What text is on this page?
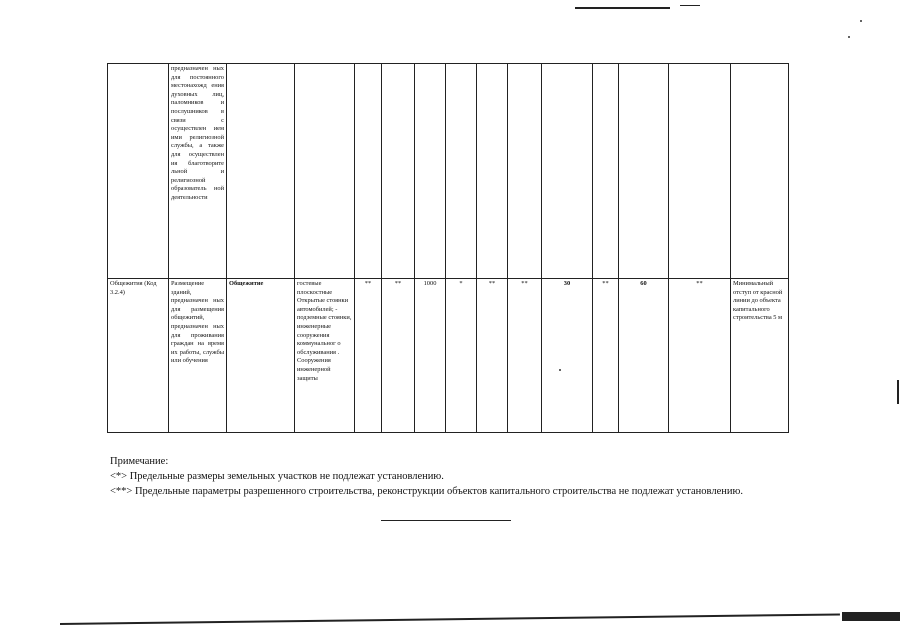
	предназначен ных для постоянного местонахожд ения духовных лиц, паломников и послушников в связи с осуществлен ием ими религиозной службы, а также для осуществлен ия благотворите льной и религиозной образователь ной деятельности													
Общежития (Код 3.2.4)	Размещение зданий, предназначен ных для размещения общежитий, предназначен ных для проживания граждан на время их работы, службы или обучения	Общежитие	гостевые плоскостные Открытые стоянки автомобилей; - подземные стоянки, инженерные сооружения коммунальног о обслуживания . Сооружения инженерной защиты	**	**	1000	*	**	**	30	**	60	**	Минимальный отступ от красной линии до объекта капитального строительства 5 м
Примечание:
<*> Предельные размеры земельных участков не подлежат установлению.
<**> Предельные параметры разрешенного строительства, реконструкции объектов капитального строительства не подлежат установлению.
